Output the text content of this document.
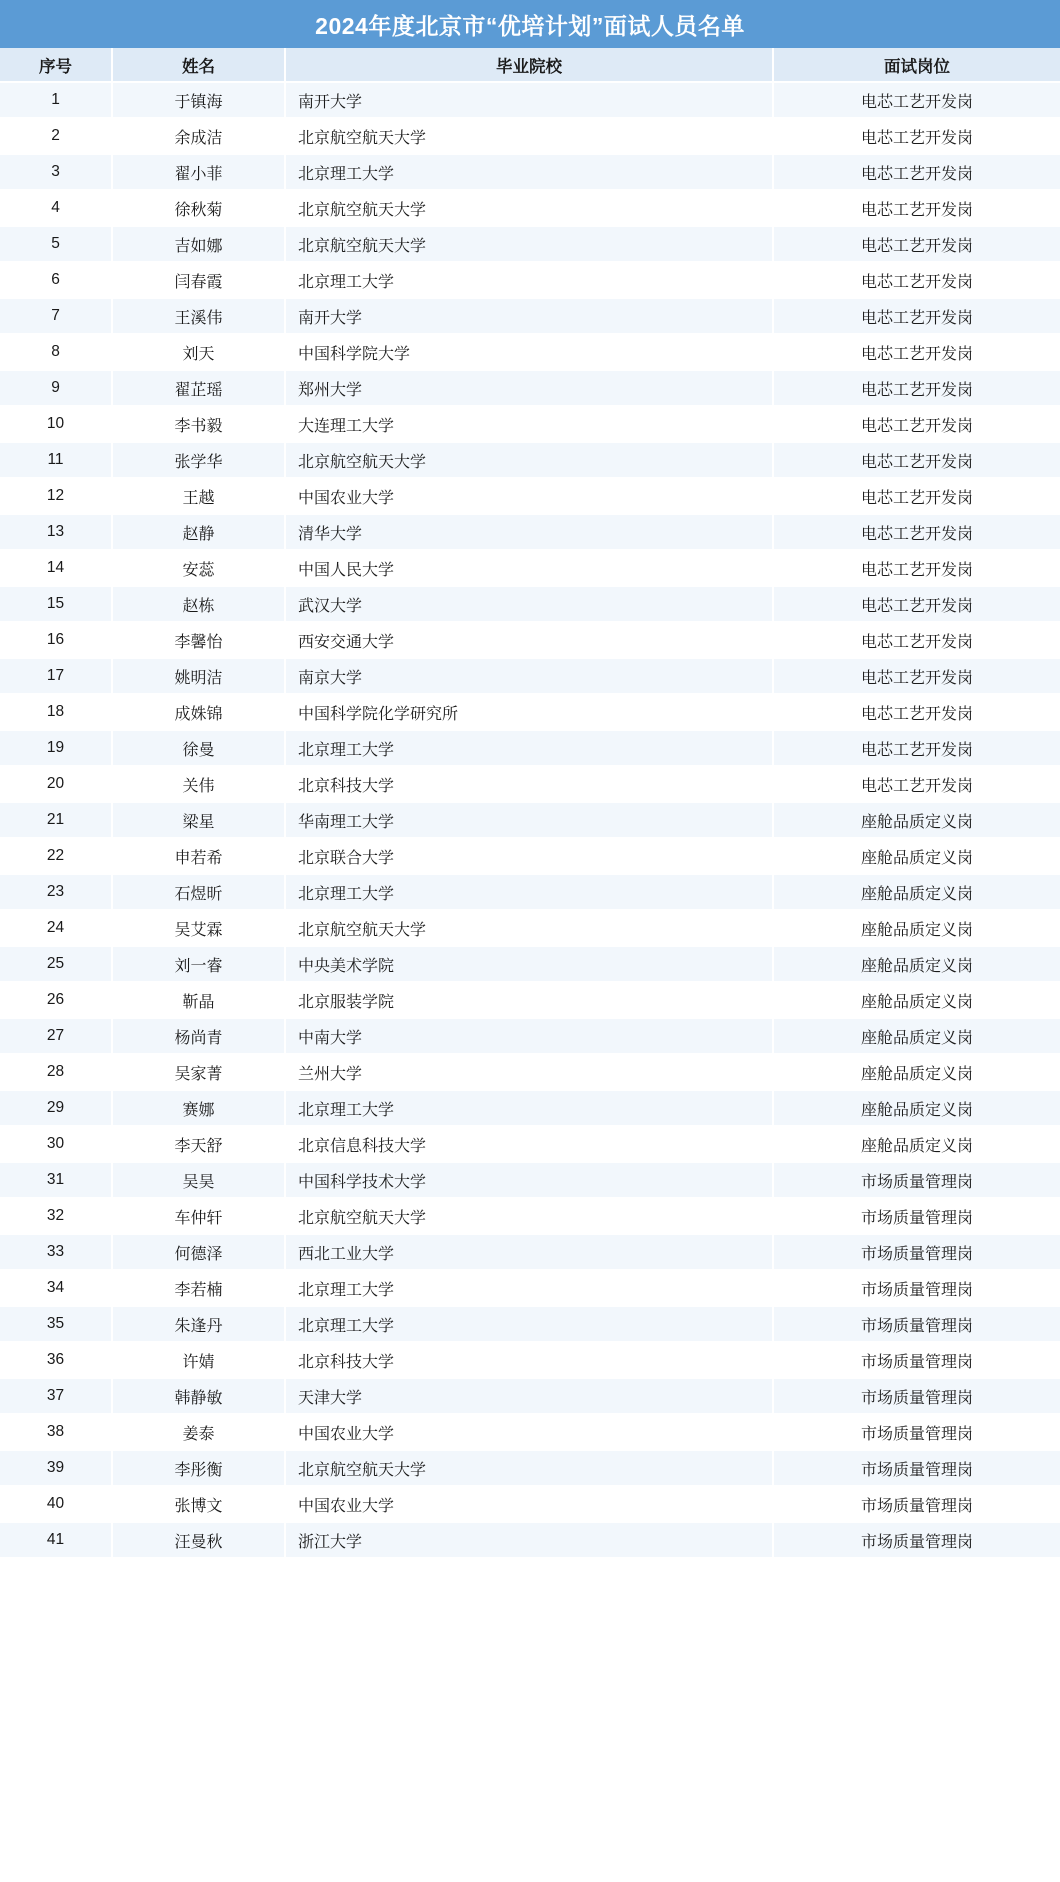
2024年度北京市“优培计划”面试人员名单
序号	姓名	毕业院校	面试岗位
1	于镇海	南开大学	电芯工艺开发岗
2	余成洁	北京航空航天大学	电芯工艺开发岗
3	翟小菲	北京理工大学	电芯工艺开发岗
4	徐秋菊	北京航空航天大学	电芯工艺开发岗
5	吉如娜	北京航空航天大学	电芯工艺开发岗
6	闫春霞	北京理工大学	电芯工艺开发岗
7	王溪伟	南开大学	电芯工艺开发岗
8	刘天	中国科学院大学	电芯工艺开发岗
9	翟芷瑶	郑州大学	电芯工艺开发岗
10	李书毅	大连理工大学	电芯工艺开发岗
11	张学华	北京航空航天大学	电芯工艺开发岗
12	王越	中国农业大学	电芯工艺开发岗
13	赵静	清华大学	电芯工艺开发岗
14	安蕊	中国人民大学	电芯工艺开发岗
15	赵栋	武汉大学	电芯工艺开发岗
16	李馨怡	西安交通大学	电芯工艺开发岗
17	姚明洁	南京大学	电芯工艺开发岗
18	成姝锦	中国科学院化学研究所	电芯工艺开发岗
19	徐曼	北京理工大学	电芯工艺开发岗
20	关伟	北京科技大学	电芯工艺开发岗
21	梁星	华南理工大学	座舱品质定义岗
22	申若希	北京联合大学	座舱品质定义岗
23	石煜昕	北京理工大学	座舱品质定义岗
24	吴艾霖	北京航空航天大学	座舱品质定义岗
25	刘一睿	中央美术学院	座舱品质定义岗
26	靳晶	北京服装学院	座舱品质定义岗
27	杨尚青	中南大学	座舱品质定义岗
28	吴家菁	兰州大学	座舱品质定义岗
29	赛娜	北京理工大学	座舱品质定义岗
30	李天舒	北京信息科技大学	座舱品质定义岗
31	吴昊	中国科学技术大学	市场质量管理岗
32	车仲轩	北京航空航天大学	市场质量管理岗
33	何德泽	西北工业大学	市场质量管理岗
34	李若楠	北京理工大学	市场质量管理岗
35	朱逢丹	北京理工大学	市场质量管理岗
36	许婧	北京科技大学	市场质量管理岗
37	韩静敏	天津大学	市场质量管理岗
38	姜泰	中国农业大学	市场质量管理岗
39	李彤衡	北京航空航天大学	市场质量管理岗
40	张博文	中国农业大学	市场质量管理岗
41	汪曼秋	浙江大学	市场质量管理岗
